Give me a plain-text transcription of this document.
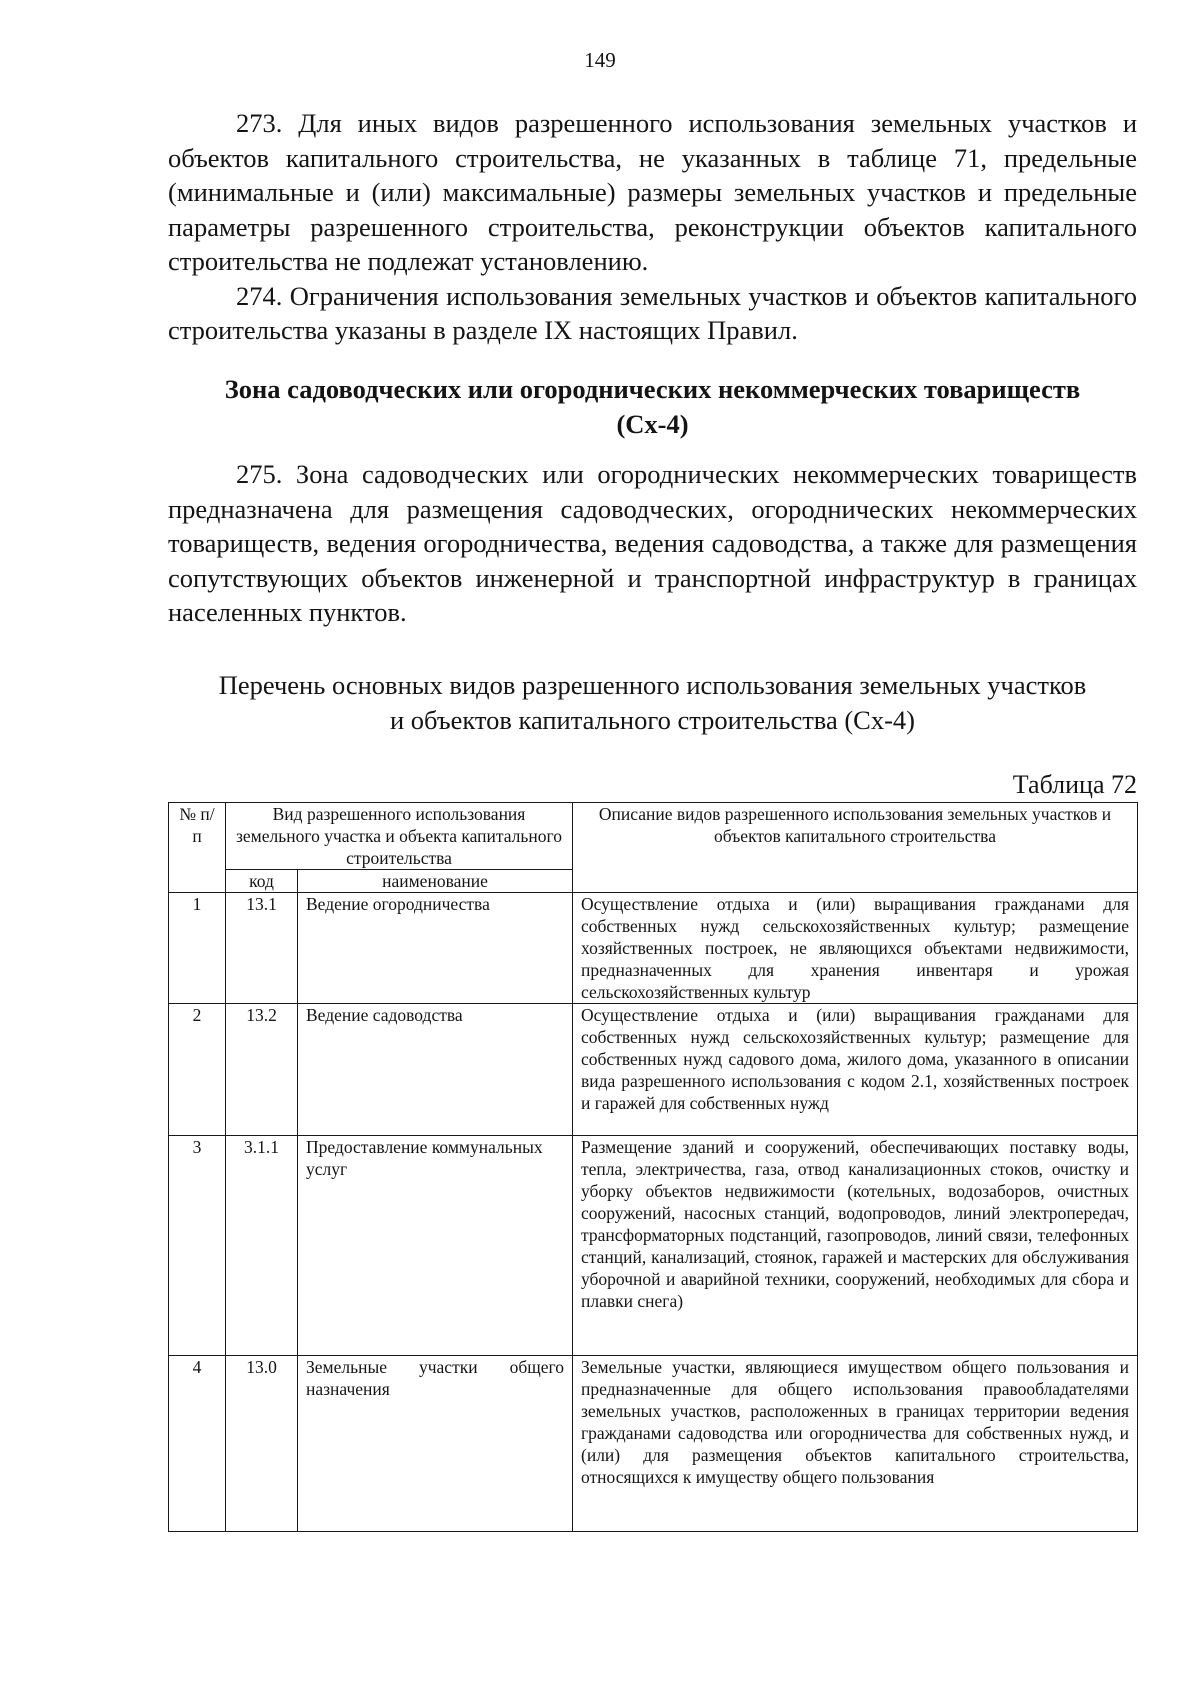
149

273. Для иных видов разрешенного использования земельных участков и объектов капитального строительства, не указанных в таблице 71, предельные (минимальные и (или) максимальные) размеры земельных участков и предельные параметры разрешенного строительства, реконструкции объектов капитального строительства не подлежат установлению.

274. Ограничения использования земельных участков и объектов капитального строительства указаны в разделе IX настоящих Правил.

Зона садоводческих или огороднических некоммерческих товариществ
(Сх-4)

275. Зона садоводческих или огороднических некоммерческих товариществ предназначена для размещения садоводческих, огороднических некоммерческих товариществ, ведения огородничества, ведения садоводства, а также для размещения сопутствующих объектов инженерной и транспортной инфраструктур в границах населенных пунктов.

Перечень основных видов разрешенного использования земельных участков
и объектов капитального строительства (Сх-4)
Таблица 72
№ п/п	Вид разрешенного использования земельного участка и объекта капитального строительства		Описание видов разрешенного использования земельных участков и объектов капитального строительства
	код	наименование	
1	13.1	Ведение огородничества	Осуществление отдыха и (или) выращивания гражданами для собственных нужд сельскохозяйственных культур; размещение хозяйственных построек, не являющихся объектами недвижимости, предназначенных для хранения инвентаря и урожая сельскохозяйственных культур
2	13.2	Ведение садоводства	Осуществление отдыха и (или) выращивания гражданами для собственных нужд сельскохозяйственных культур; размещение для собственных нужд садового дома, жилого дома, указанного в описании вида разрешенного использования с кодом 2.1, хозяйственных построек и гаражей для собственных нужд
3	3.1.1	Предоставление коммунальных услуг	Размещение зданий и сооружений, обеспечивающих поставку воды, тепла, электричества, газа, отвод канализационных стоков, очистку и уборку объектов недвижимости (котельных, водозаборов, очистных сооружений, насосных станций, водопроводов, линий электропередач, трансформаторных подстанций, газопроводов, линий связи, телефонных станций, канализаций, стоянок, гаражей и мастерских для обслуживания уборочной и аварийной техники, сооружений, необходимых для сбора и плавки снега)
4	13.0	Земельные участки общего назначения	Земельные участки, являющиеся имуществом общего пользования и предназначенные для общего использования правообладателями земельных участков, расположенных в границах территории ведения гражданами садоводства или огородничества для собственных нужд, и (или) для размещения объектов капитального строительства, относящихся к имуществу общего пользования
